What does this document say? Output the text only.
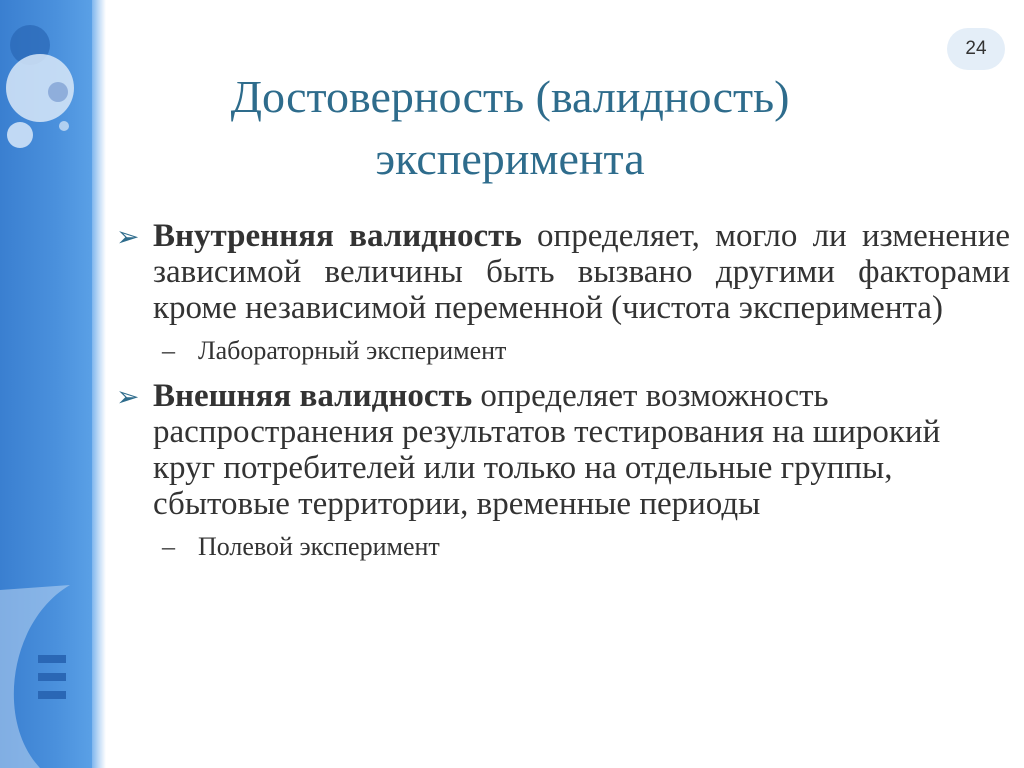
24
Достоверность (валидность)
эксперимента
➢ Внутренняя валидность определяет, могло ли изменение зависимой величины быть вызвано другими факторами кроме независимой переменной (чистота эксперимента)
– Лабораторный эксперимент
➢ Внешняя валидность определяет возможность распространения результатов тестирования на широкий круг потребителей или только на отдельные группы, сбытовые территории, временные периоды
– Полевой эксперимент
